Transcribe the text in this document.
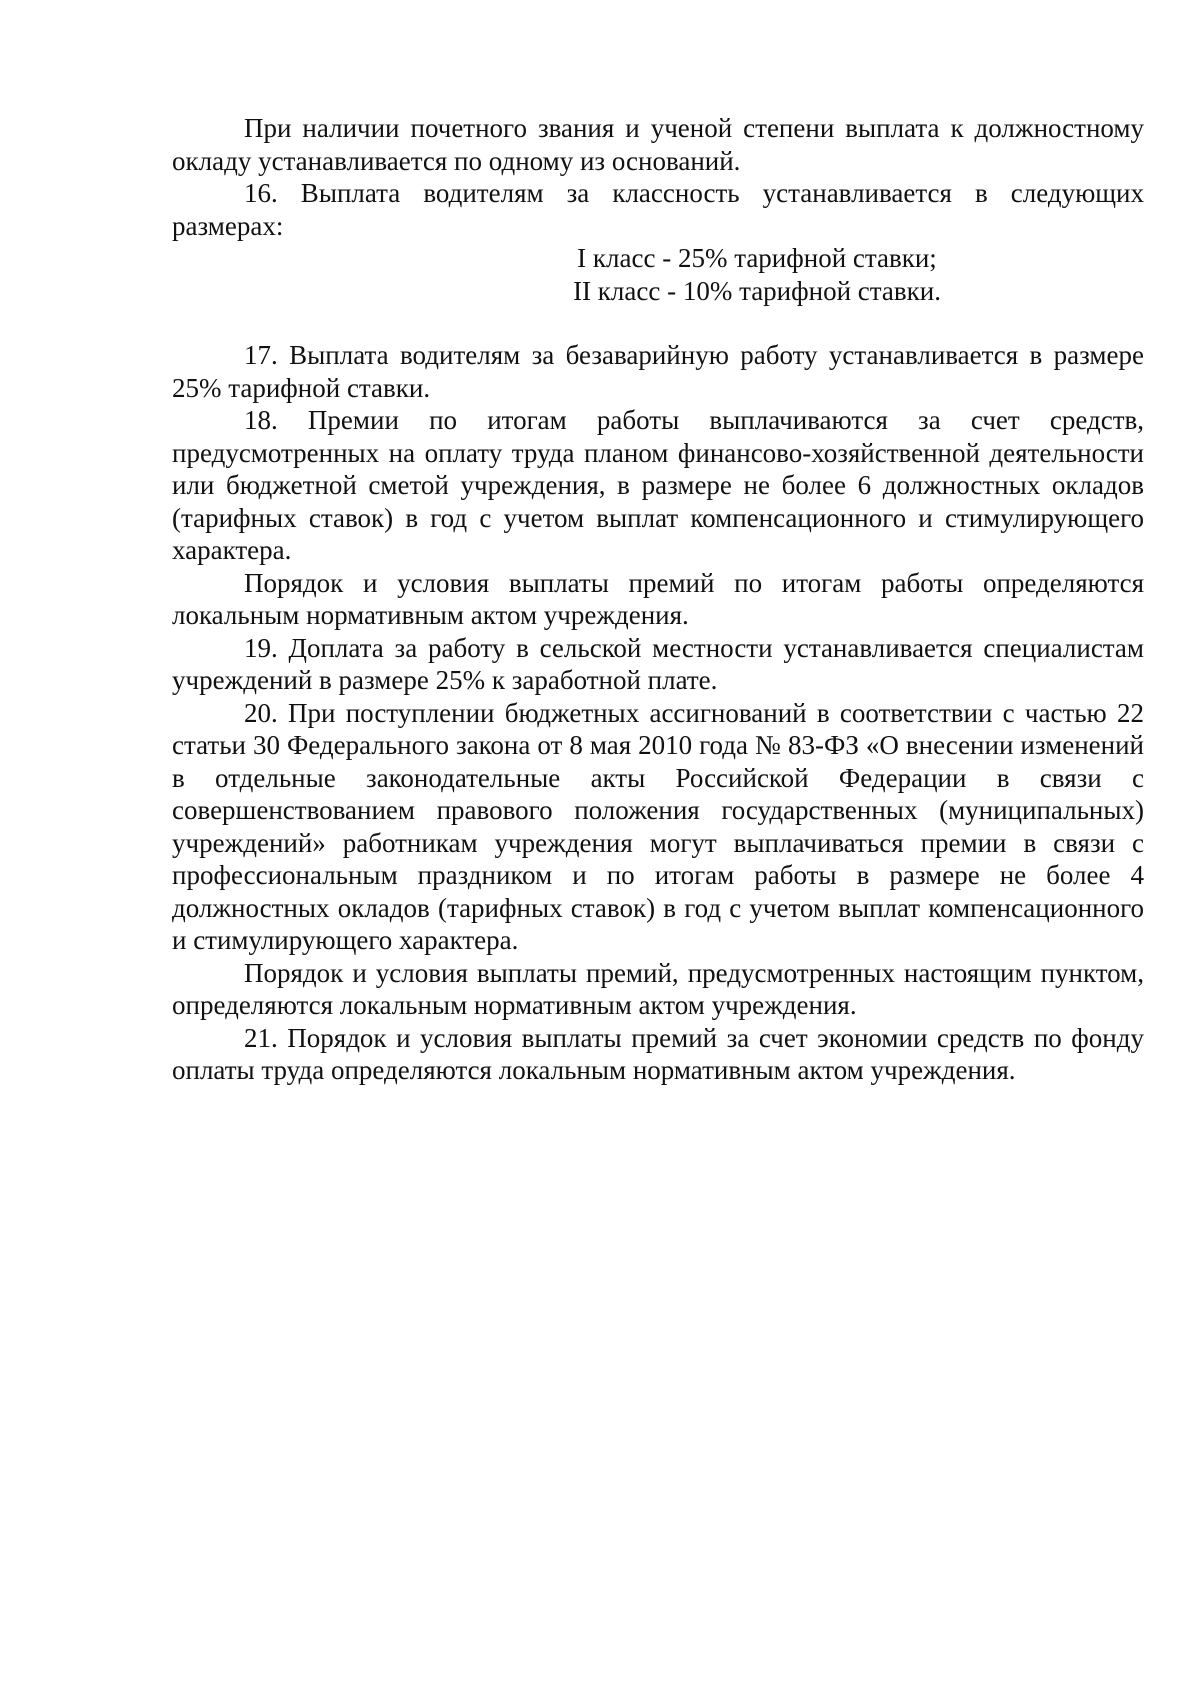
При наличии почетного звания и ученой степени выплата к должностному окладу устанавливается по одному из оснований.

16. Выплата водителям за классность устанавливается в следующих размерах:

I класс - 25% тарифной ставки;
II класс - 10% тарифной ставки.

17. Выплата водителям за безаварийную работу устанавливается в размере 25% тарифной ставки.

18. Премии по итогам работы выплачиваются за счет средств, предусмотренных на оплату труда планом финансово-хозяйственной деятельности или бюджетной сметой учреждения, в размере не более 6 должностных окладов (тарифных ставок) в год с учетом выплат компенсационного и стимулирующего характера.

Порядок и условия выплаты премий по итогам работы определяются локальным нормативным актом учреждения.

19. Доплата за работу в сельской местности устанавливается специалистам учреждений в размере 25% к заработной плате.

20. При поступлении бюджетных ассигнований в соответствии с частью 22 статьи 30 Федерального закона от 8 мая 2010 года № 83-ФЗ «О внесении изменений в отдельные законодательные акты Российской Федерации в связи с совершенствованием правового положения государственных (муниципальных) учреждений» работникам учреждения могут выплачиваться премии в связи с профессиональным праздником и по итогам работы в размере не более 4 должностных окладов (тарифных ставок) в год с учетом выплат компенсационного и стимулирующего характера.

Порядок и условия выплаты премий, предусмотренных настоящим пунктом, определяются локальным нормативным актом учреждения.

21. Порядок и условия выплаты премий за счет экономии средств по фонду оплаты труда определяются локальным нормативным актом учреждения.
